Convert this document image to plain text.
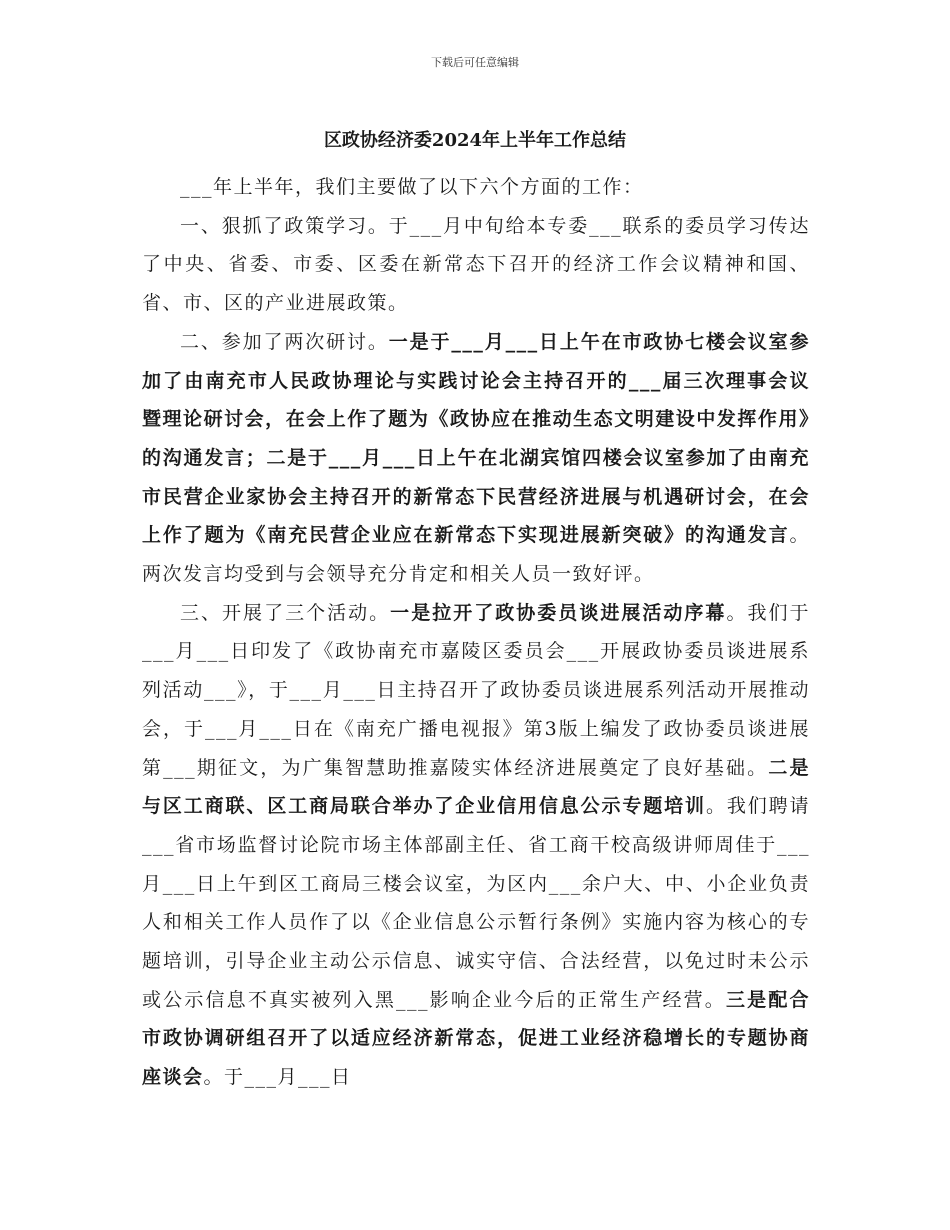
下载后可任意编辑
区政协经济委2024年上半年工作总结

___年上半年，我们主要做了以下六个方面的工作：

一、狠抓了政策学习。于___月中旬给本专委___联系的委员学习传达了中央、省委、市委、区委在新常态下召开的经济工作会议精神和国、省、市、区的产业进展政策。

二、参加了两次研讨。一是于___月___日上午在市政协七楼会议室参加了由南充市人民政协理论与实践讨论会主持召开的___届三次理事会议暨理论研讨会，在会上作了题为《政协应在推动生态文明建设中发挥作用》的沟通发言；二是于___月___日上午在北湖宾馆四楼会议室参加了由南充市民营企业家协会主持召开的新常态下民营经济进展与机遇研讨会，在会上作了题为《南充民营企业应在新常态下实现进展新突破》的沟通发言。两次发言均受到与会领导充分肯定和相关人员一致好评。

三、开展了三个活动。一是拉开了政协委员谈进展活动序幕。我们于___月___日印发了《政协南充市嘉陵区委员会___开展政协委员谈进展系列活动___》，于___月___日主持召开了政协委员谈进展系列活动开展推动会，于___月___日在《南充广播电视报》第3版上编发了政协委员谈进展第___期征文，为广集智慧助推嘉陵实体经济进展奠定了良好基础。二是与区工商联、区工商局联合举办了企业信用信息公示专题培训。我们聘请___省市场监督讨论院市场主体部副主任、省工商干校高级讲师周佳于___月___日上午到区工商局三楼会议室，为区内___余户大、中、小企业负责人和相关工作人员作了以《企业信息公示暂行条例》实施内容为核心的专题培训，引导企业主动公示信息、诚实守信、合法经营，以免过时未公示或公示信息不真实被列入黑___影响企业今后的正常生产经营。三是配合市政协调研组召开了以适应经济新常态，促进工业经济稳增长的专题协商座谈会。于___月___日
